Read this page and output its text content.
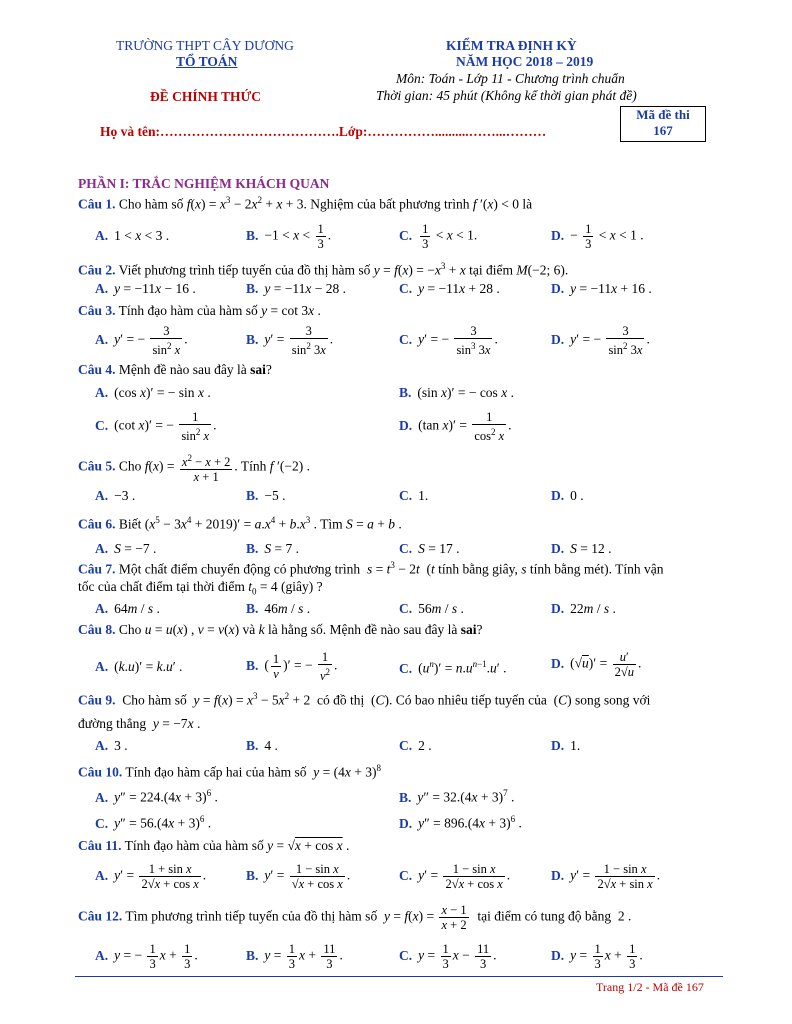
TRƯỜNG THPT CÂY DƯƠNG
TỔ TOÁN
ĐỀ CHÍNH THỨC
KIỂM TRA ĐỊNH KỲ
NĂM HỌC 2018 – 2019
Môn: Toán - Lớp 11 - Chương trình chuẩn
Thời gian: 45 phút (Không kể thời gian phát đề)
Mã đề thi
167
Họ và tên:………………………………….Lớp:……………..........……...………
PHẦN I: TRẮC NGHIỆM KHÁCH QUAN
Câu 1. Cho hàm số $f(x) = x^3 - 2x^2 + x + 3$. Nghiệm của bất phương trình f ′(x) < 0 là
A. 1 < x < 3 .	B. $-1 < x < \frac{1}{3}$ .	C. $\frac{1}{3} < x < 1$.	D. − $\frac{1}{3} < x < 1$ .
Câu 2. Viết phương trình tiếp tuyến của đồ thị hàm số $y = f(x) = -x^3 + x$ tại điểm M(−2; 6).
A. y = −11x − 16 .	B. y = −11x − 28 .	C. y = −11x + 28 .	D. y = −11x + 16 .
Câu 3. Tính đạo hàm của hàm số y = cot 3x .
A. y′ = − $\frac{3}{\sin^2 x}$ .	B. $y' = \frac{3}{\sin^2 3x}$ .	C. y′ = − $\frac{3}{\sin^3 3x}$ .	D. y′ = − $\frac{3}{\sin^2 3x}$ .
Câu 4. Mệnh đề nào sau đây là sai?
A. (cos x)′ = − sin x .	B. (sin x)′ = − cos x .
C. (cot x)′ = − $\frac{1}{\sin^2 x}$ .	D. (tan $x)' = \frac{1}{\cos^2 x}$ .
Câu 5. Cho $f(x) = \frac{x^2 - x + 2}{x + 1}$ . Tính f ′(−2) .
A. −3 .	B. −5 .	C. 1.	D. 0 .
Câu 6. Biết $(x^5 - 3x^4 + 2019)' = a.x^4 + b.x^3$ . Tìm S = a + b .
A. S = −7 .	B. S = 7 .	C. S = 17 .	D. S = 12 .
Câu 7. Một chất điểm chuyển động có phương trình  $s = t^3 - 2t$  (t tính bằng giây, s tính bằng mét). Tính vận
tốc của chất điểm tại thời điểm $t_0 = 4$ (giây) ?
A. 64m / s .	B. 46m / s .	C. 56m / s .	D. 22m / s .
Câu 8. Cho u = u(x) , v = v(x) và k là hằng số. Mệnh đề nào sau đây là sai?
A. (k.u)′ = k.u′ .	B. ( $\frac{1}{v}$ )′ = − $\frac{1}{v^2}$ .	C. $(u^n)' = n.u^{n-1}.u'$ .	D. $(√u)' = \frac{u'}{2√u}$ .
Câu 9.  Cho hàm số  $y = f(x) = x^3 - 5x^2 + 2$  có đồ thị  (C). Có bao nhiêu tiếp tuyến của  (C) song song với
đường thẳng  y = −7x .
A. 3 .	B. 4 .	C. 2 .	D. 1.
Câu 10. Tính đạo hàm cấp hai của hàm số  $y = (4x + 3)^8$
A. $y'' = 224.(4x + 3)^6$ .	B. $y'' = 32.(4x + 3)^7$ .
C. $y'' = 56.(4x + 3)^6$ .	D. $y'' = 896.(4x + 3)^6$ .
Câu 11. Tính đạo hàm của hàm số y = √x + cos x .
A. $y' = \frac{\text{1 + sin x}}{\text{2√x + cos x}}$ .	B. $y' = \frac{\text{1 − sin x}}{\text{√x + cos x}}$ .	C. $y' = \frac{\text{1 − sin x}}{\text{2√x + cos x}}$ .	D. $y' = \frac{\text{1 − sin x}}{\text{2√x + sin x}}$ .
Câu 12. Tìm phương trình tiếp tuyến của đồ thị hàm số  $y = f(x) = \frac{x - 1}{x + 2}$ tại điểm có tung độ bằng  2 .
A. y = − $\frac{1}{3}$ $x + \frac{1}{3}$ .	B. $y = \frac{1}{3}$ $x + \frac{11}{3}$ .	C. $y = \frac{1}{3}$ $x - \frac{11}{3}$ .	D. $y = \frac{1}{3}$ $x + \frac{1}{3}$ .
Trang 1/2 - Mã đề 167
